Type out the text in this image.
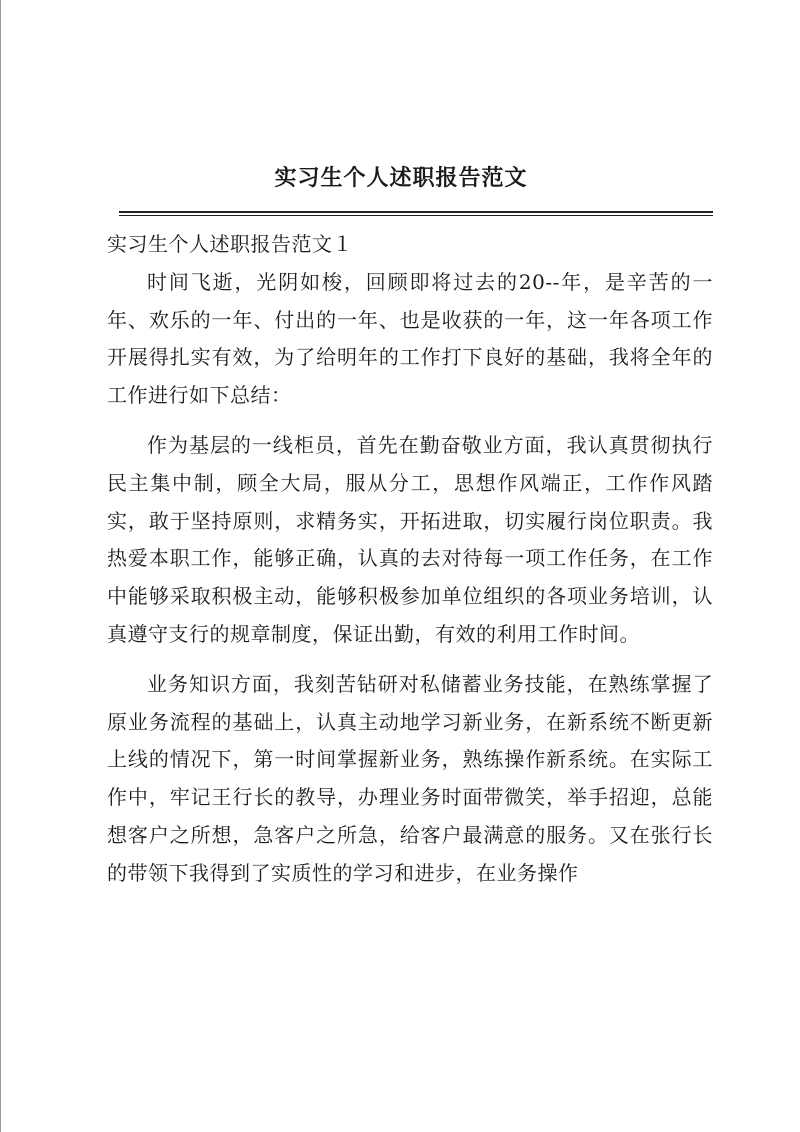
实习生个人述职报告范文
实习生个人述职报告范文１

时间飞逝，光阴如梭，回顾即将过去的20--年，是辛苦的一年、欢乐的一年、付出的一年、也是收获的一年，这一年各项工作开展得扎实有效，为了给明年的工作打下良好的基础，我将全年的工作进行如下总结：

作为基层的一线柜员，首先在勤奋敬业方面，我认真贯彻执行民主集中制，顾全大局，服从分工，思想作风端正，工作作风踏实，敢于坚持原则，求精务实，开拓进取，切实履行岗位职责。我热爱本职工作，能够正确，认真的去对待每一项工作任务，在工作中能够采取积极主动，能够积极参加单位组织的各项业务培训，认真遵守支行的规章制度，保证出勤，有效的利用工作时间。

业务知识方面，我刻苦钻研对私储蓄业务技能，在熟练掌握了原业务流程的基础上，认真主动地学习新业务，在新系统不断更新上线的情况下，第一时间掌握新业务，熟练操作新系统。在实际工作中，牢记王行长的教导，办理业务时面带微笑，举手招迎，总能想客户之所想，急客户之所急，给客户最满意的服务。又在张行长的带领下我得到了实质性的学习和进步，在业务操作
